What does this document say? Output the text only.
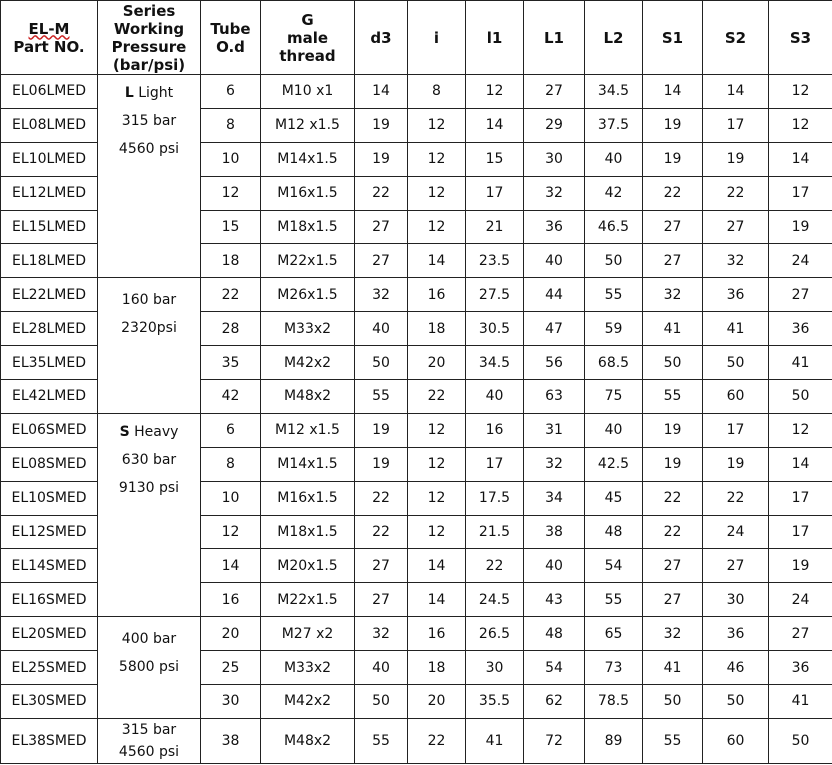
EL-M
Part NO.	Series
Working
Pressure
(bar/psi)	Tube
O.d	G
male
thread	d3	i	l1	L1	L2	S1	S2	S3
EL06LMED	L Light
315 bar
4560 psi	6	M10 x1	14	8	12	27	34.5	14	14	12
EL08LMED		8	M12 x1.5	19	12	14	29	37.5	19	17	12
EL10LMED		10	M14x1.5	19	12	15	30	40	19	19	14
EL12LMED		12	M16x1.5	22	12	17	32	42	22	22	17
EL15LMED		15	M18x1.5	27	12	21	36	46.5	27	27	19
EL18LMED		18	M22x1.5	27	14	23.5	40	50	27	32	24
EL22LMED	160 bar
2320psi	22	M26x1.5	32	16	27.5	44	55	32	36	27
EL28LMED		28	M33x2	40	18	30.5	47	59	41	41	36
EL35LMED		35	M42x2	50	20	34.5	56	68.5	50	50	41
EL42LMED		42	M48x2	55	22	40	63	75	55	60	50
EL06SMED	S Heavy
630 bar
9130 psi	6	M12 x1.5	19	12	16	31	40	19	17	12
EL08SMED		8	M14x1.5	19	12	17	32	42.5	19	19	14
EL10SMED		10	M16x1.5	22	12	17.5	34	45	22	22	17
EL12SMED		12	M18x1.5	22	12	21.5	38	48	22	24	17
EL14SMED		14	M20x1.5	27	14	22	40	54	27	27	19
EL16SMED		16	M22x1.5	27	14	24.5	43	55	27	30	24
EL20SMED	400 bar
5800 psi	20	M27 x2	32	16	26.5	48	65	32	36	27
EL25SMED		25	M33x2	40	18	30	54	73	41	46	36
EL30SMED		30	M42x2	50	20	35.5	62	78.5	50	50	41
EL38SMED	315 bar
4560 psi	38	M48x2	55	22	41	72	89	55	60	50
